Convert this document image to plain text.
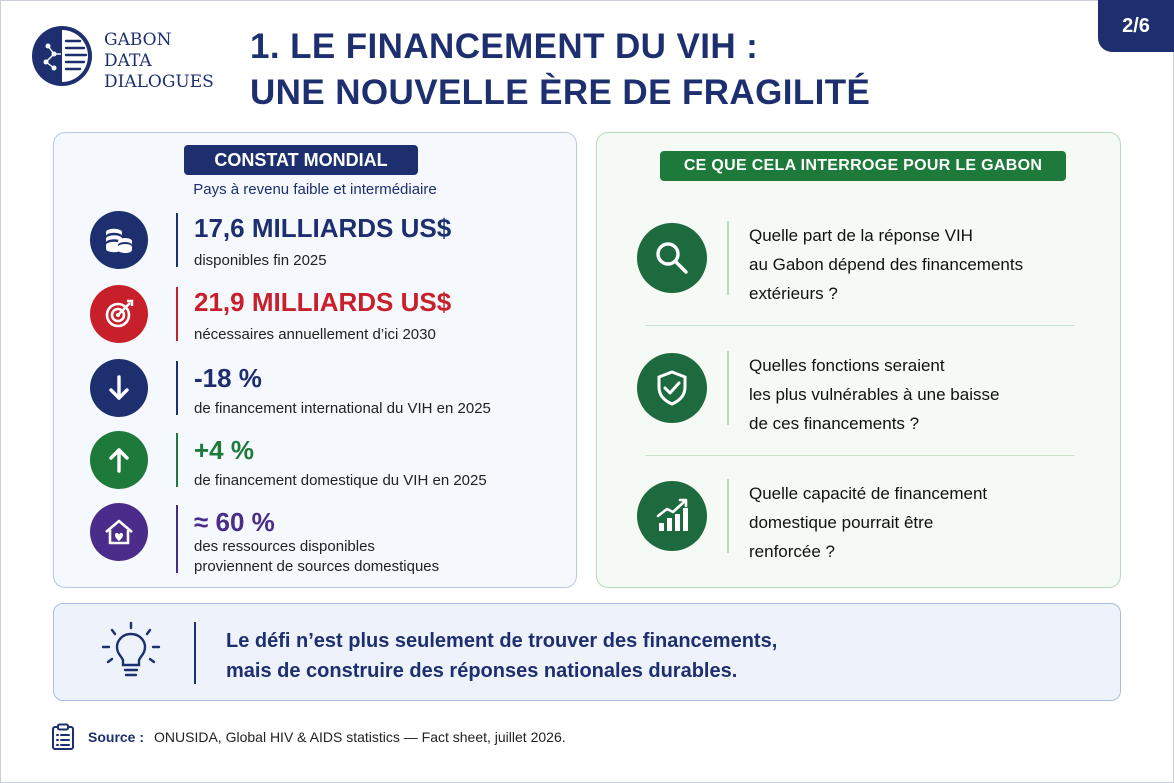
2/6
GABON
DATA
DIALOGUES
1. LE FINANCEMENT DU VIH :
UNE NOUVELLE ÈRE DE FRAGILITÉ
CONSTAT MONDIAL
Pays à revenu faible et intermédiaire
17,6 MILLIARDS US$
disponibles fin 2025
21,9 MILLIARDS US$
nécessaires annuellement d’ici 2030
-18 %
de financement international du VIH en 2025
+4 %
de financement domestique du VIH en 2025
≈ 60 %
des ressources disponibles
proviennent de sources domestiques
CE QUE CELA INTERROGE POUR LE GABON
Quelle part de la réponse VIH
au Gabon dépend des financements
extérieurs ?
Quelles fonctions seraient
les plus vulnérables à une baisse
de ces financements ?
Quelle capacité de financement
domestique pourrait être
renforcée ?
Le défi n’est plus seulement de trouver des financements,
mais de construire des réponses nationales durables.
Source : ONUSIDA, Global HIV & AIDS statistics — Fact sheet, juillet 2026.
